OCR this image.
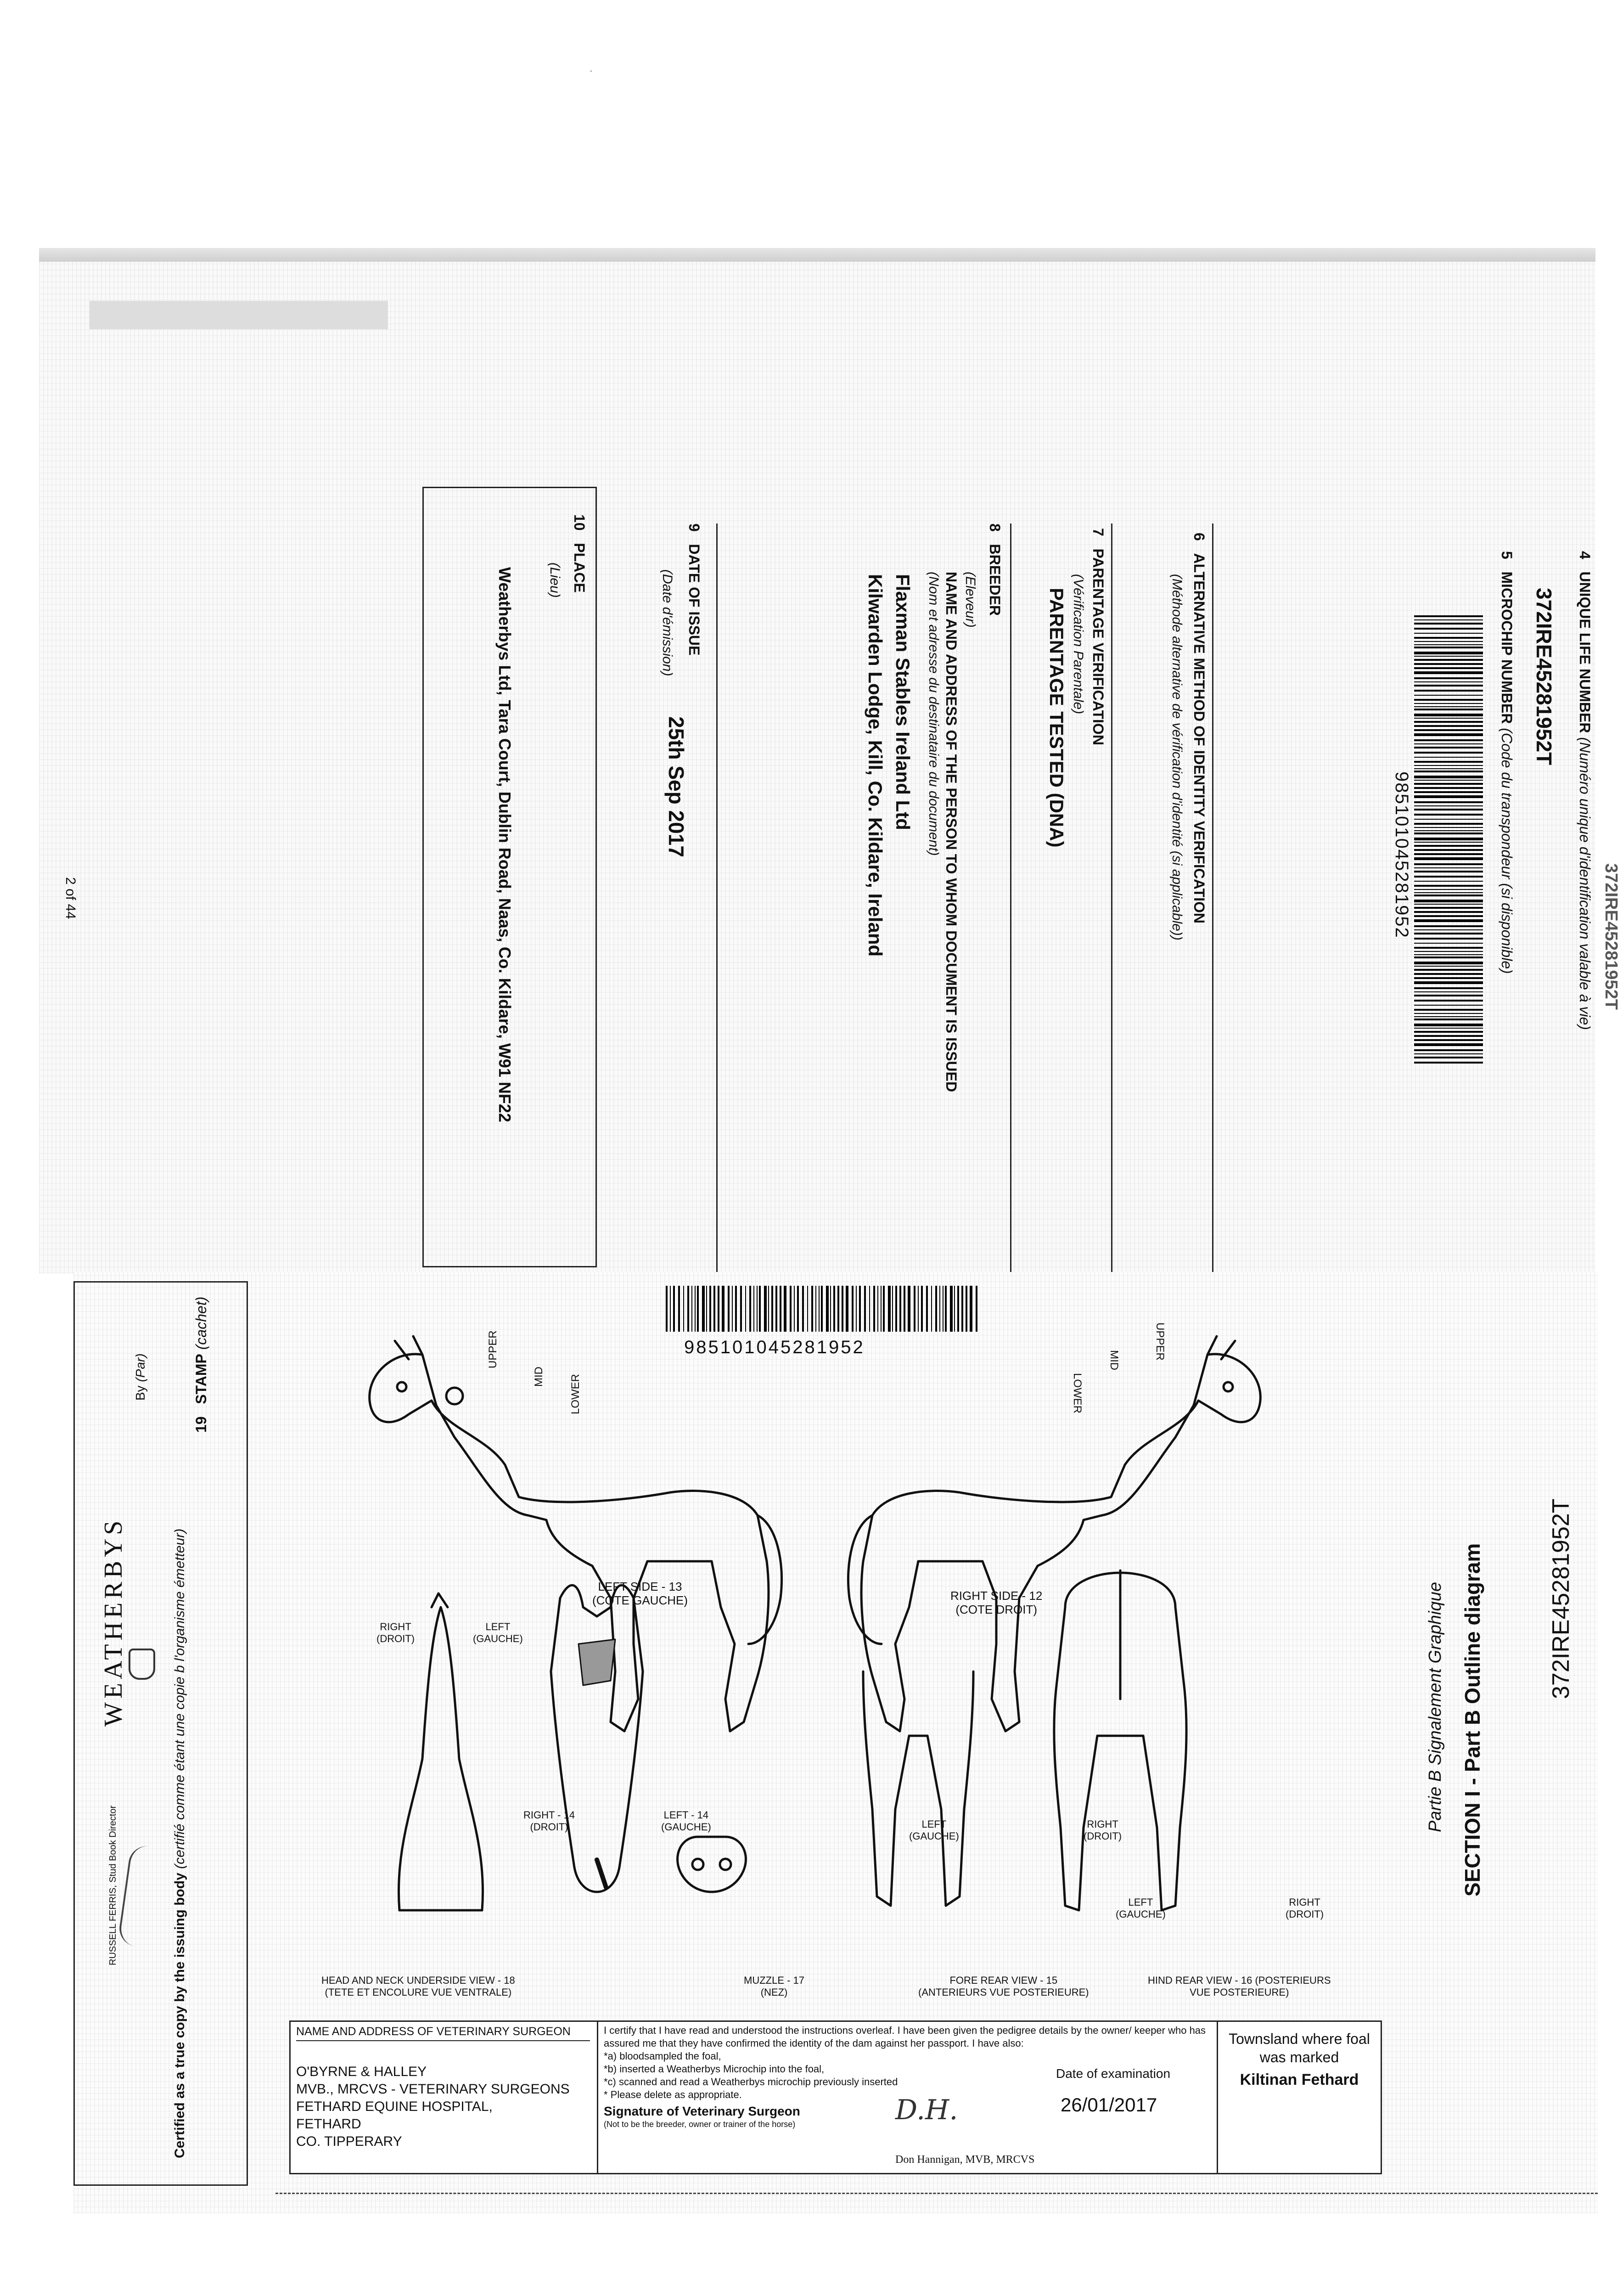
'
4   UNIQUE LIFE NUMBER (Numéro unique d'identification valable à vie) 372IRE45281952T
372IRE45281952T
5   MICROCHIP NUMBER (Code du transpondeur (si disponible)
985101045281952
6   ALTERNATIVE METHOD OF IDENTITY VERIFICATION
(Méthode alternative de vérification d'identité (si applicable))
7   PARENTAGE VERIFICATION
(Vérification Parentale)
PARENTAGE TESTED (DNA)
8   BREEDER
(Eleveur)
NAME AND ADDRESS OF THE PERSON TO WHOM DOCUMENT IS ISSUED
(Nom et adresse du destinataire du document)
Flaxman Stables Ireland Ltd
Kilwarden Lodge, Kill, Co. Kildare, Ireland
9   DATE OF ISSUE
(Date d'émission)
25th Sep 2017
10   PLACE
(Lieu)
Weatherbys Ltd, Tara Court, Dublin Road, Naas, Co. Kildare, W91 NF22
2 of 44
372IRE45281952T
SECTION I - Part B Outline diagram
Partie B Signalement Graphique
985101045281952	UPPER
MID
LOWER
UPPER
MID LOWER
RIGHT SIDE - 12
(COTE DROIT)
LEFT SIDE - 13
(COTE GAUCHE)
RIGHT - 14
(DROIT)
LEFT - 14
(GAUCHE)
MUZZLE - 17
(NEZ)
FORE REAR VIEW - 15
(ANTERIEURS VUE POSTERIEURE)
HIND REAR VIEW - 16 (POSTERIEURS
VUE POSTERIEURE)
HEAD AND NECK UNDERSIDE VIEW - 18
(TETE ET ENCOLURE VUE VENTRALE)
RIGHT
(DROIT)
LEFT
(GAUCHE)
LEFT
(GAUCHE)
RIGHT
(DROIT)
LEFT
(GAUCHE)
RIGHT
(DROIT)
NAME AND ADDRESS OF VETERINARY SURGEON
O'BYRNE & HALLEY
MVB., MRCVS - VETERINARY SURGEONS
FETHARD EQUINE HOSPITAL,
FETHARD
CO. TIPPERARY
I certify that I have read and understood the instructions overleaf. I have been given the pedigree details by the owner/ keeper who has assured me that they have confirmed the identity of the dam against her passport. I have also:
*a) bloodsampled the foal,
*b) inserted a Weatherbys Microchip into the foal,
*c) scanned and read a Weatherbys microchip previously inserted
* Please delete as appropriate.
Signature of Veterinary Surgeon
(Not to be the breeder, owner or trainer of the horse)
Date of examination
26/01/2017
D.H.
Don Hannigan, MVB, MRCVS
Townsland where foal was marked
Kiltinan Fethard
19   STAMP (cachet)
Certified as a true copy by the issuing body (certifié comme étant une copie b l'organisme émetteur)
By (Par)
WEATHERBYS
RUSSELL FERRIS, Stud Book Director
